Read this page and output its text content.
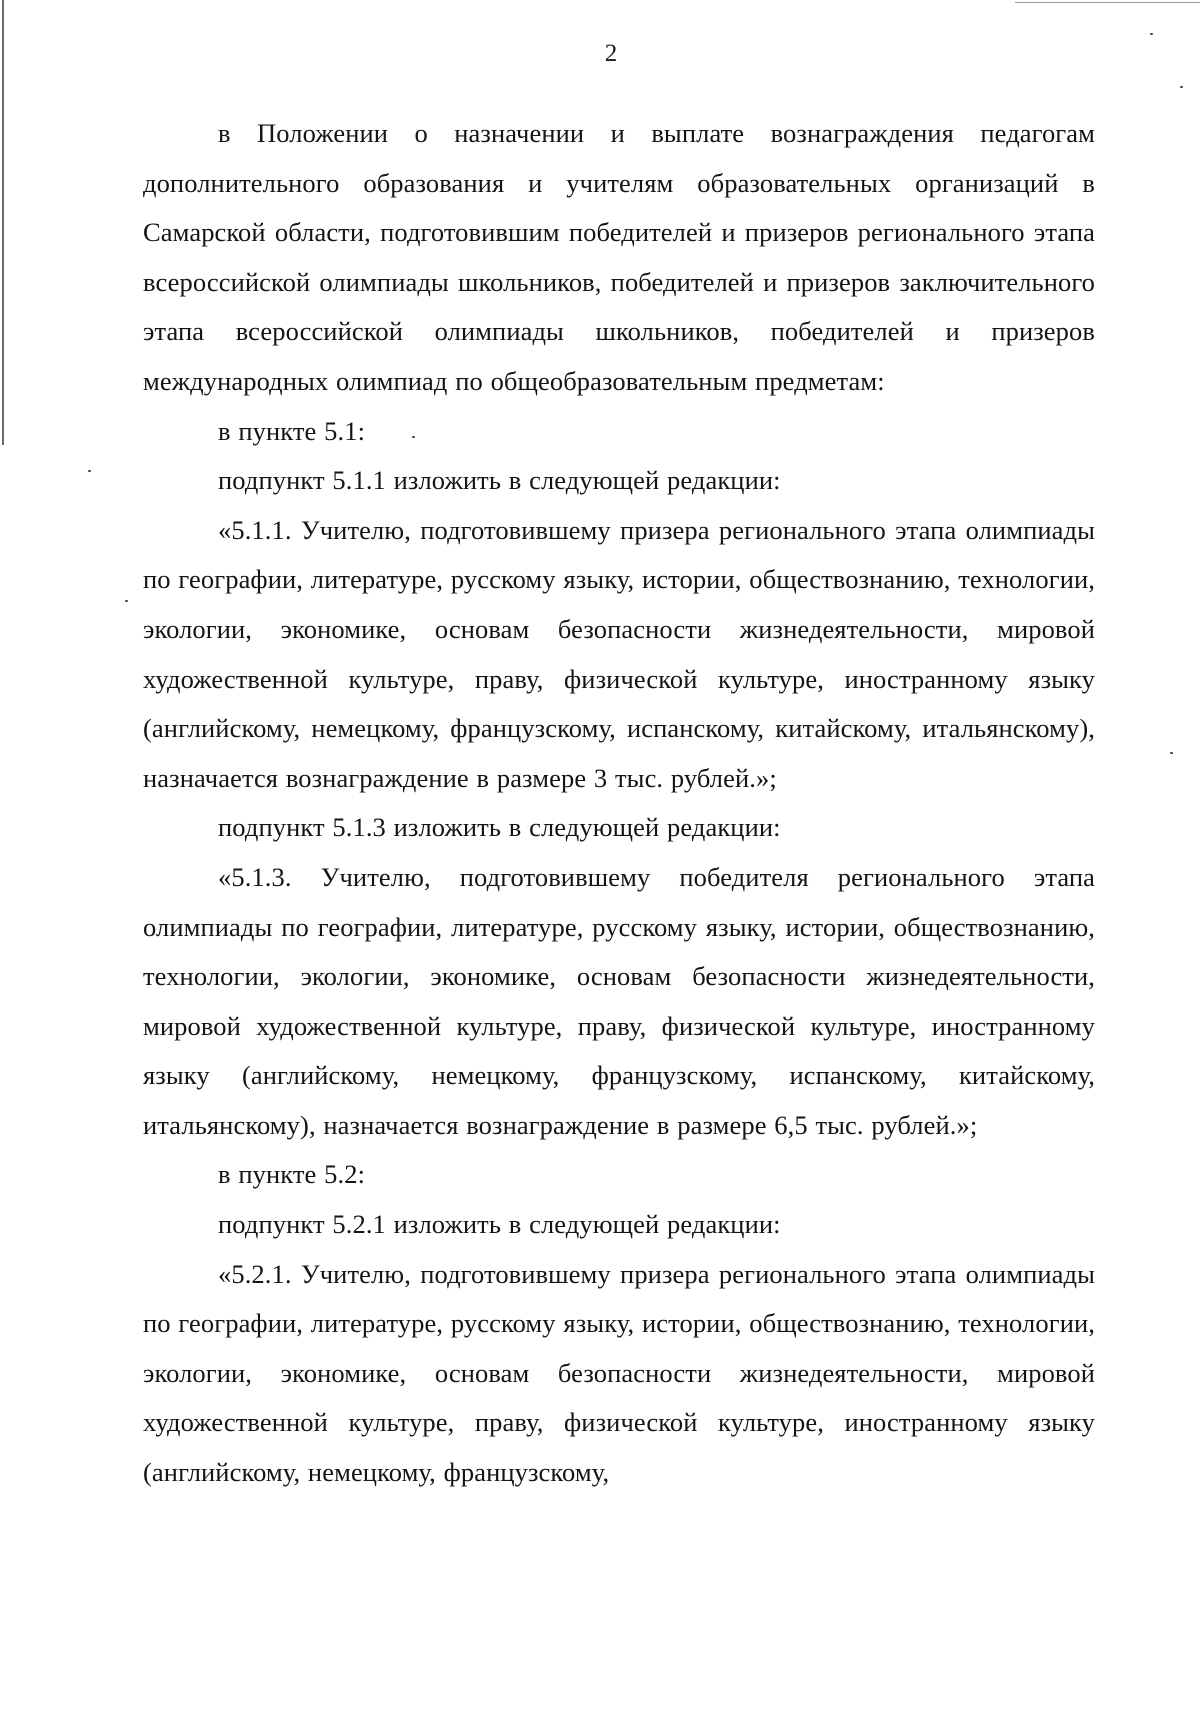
2

в Положении о назначении и выплате вознаграждения педагогам дополнительного образования и учителям образовательных организаций в Самарской области, подготовившим победителей и призеров регионального этапа всероссийской олимпиады школьников, победителей и призеров заключительного этапа всероссийской олимпиады школьников, победителей и призеров международных олимпиад по общеобразовательным предметам:

в пункте 5.1:

подпункт 5.1.1 изложить в следующей редакции:

«5.1.1. Учителю, подготовившему призера регионального этапа олимпиады по географии, литературе, русскому языку, истории, обществознанию, технологии, экологии, экономике, основам безопасности жизнедеятельности, мировой художественной культуре, праву, физической культуре, иностранному языку (английскому, немецкому, французскому, испанскому, китайскому, итальянскому), назначается вознаграждение в размере 3 тыс. рублей.»;

подпункт 5.1.3 изложить в следующей редакции:

«5.1.3. Учителю, подготовившему победителя регионального этапа олимпиады по географии, литературе, русскому языку, истории, обществознанию, технологии, экологии, экономике, основам безопасности жизнедеятельности, мировой художественной культуре, праву, физической культуре, иностранному языку (английскому, немецкому, французскому, испанскому, китайскому, итальянскому), назначается вознаграждение в размере 6,5 тыс. рублей.»;

в пункте 5.2:

подпункт 5.2.1 изложить в следующей редакции:

«5.2.1. Учителю, подготовившему призера регионального этапа олимпиады по географии, литературе, русскому языку, истории, обществознанию, технологии, экологии, экономике, основам безопасности жизнедеятельности, мировой художественной культуре, праву, физической культуре, иностранному языку (английскому, немецкому, французскому,
